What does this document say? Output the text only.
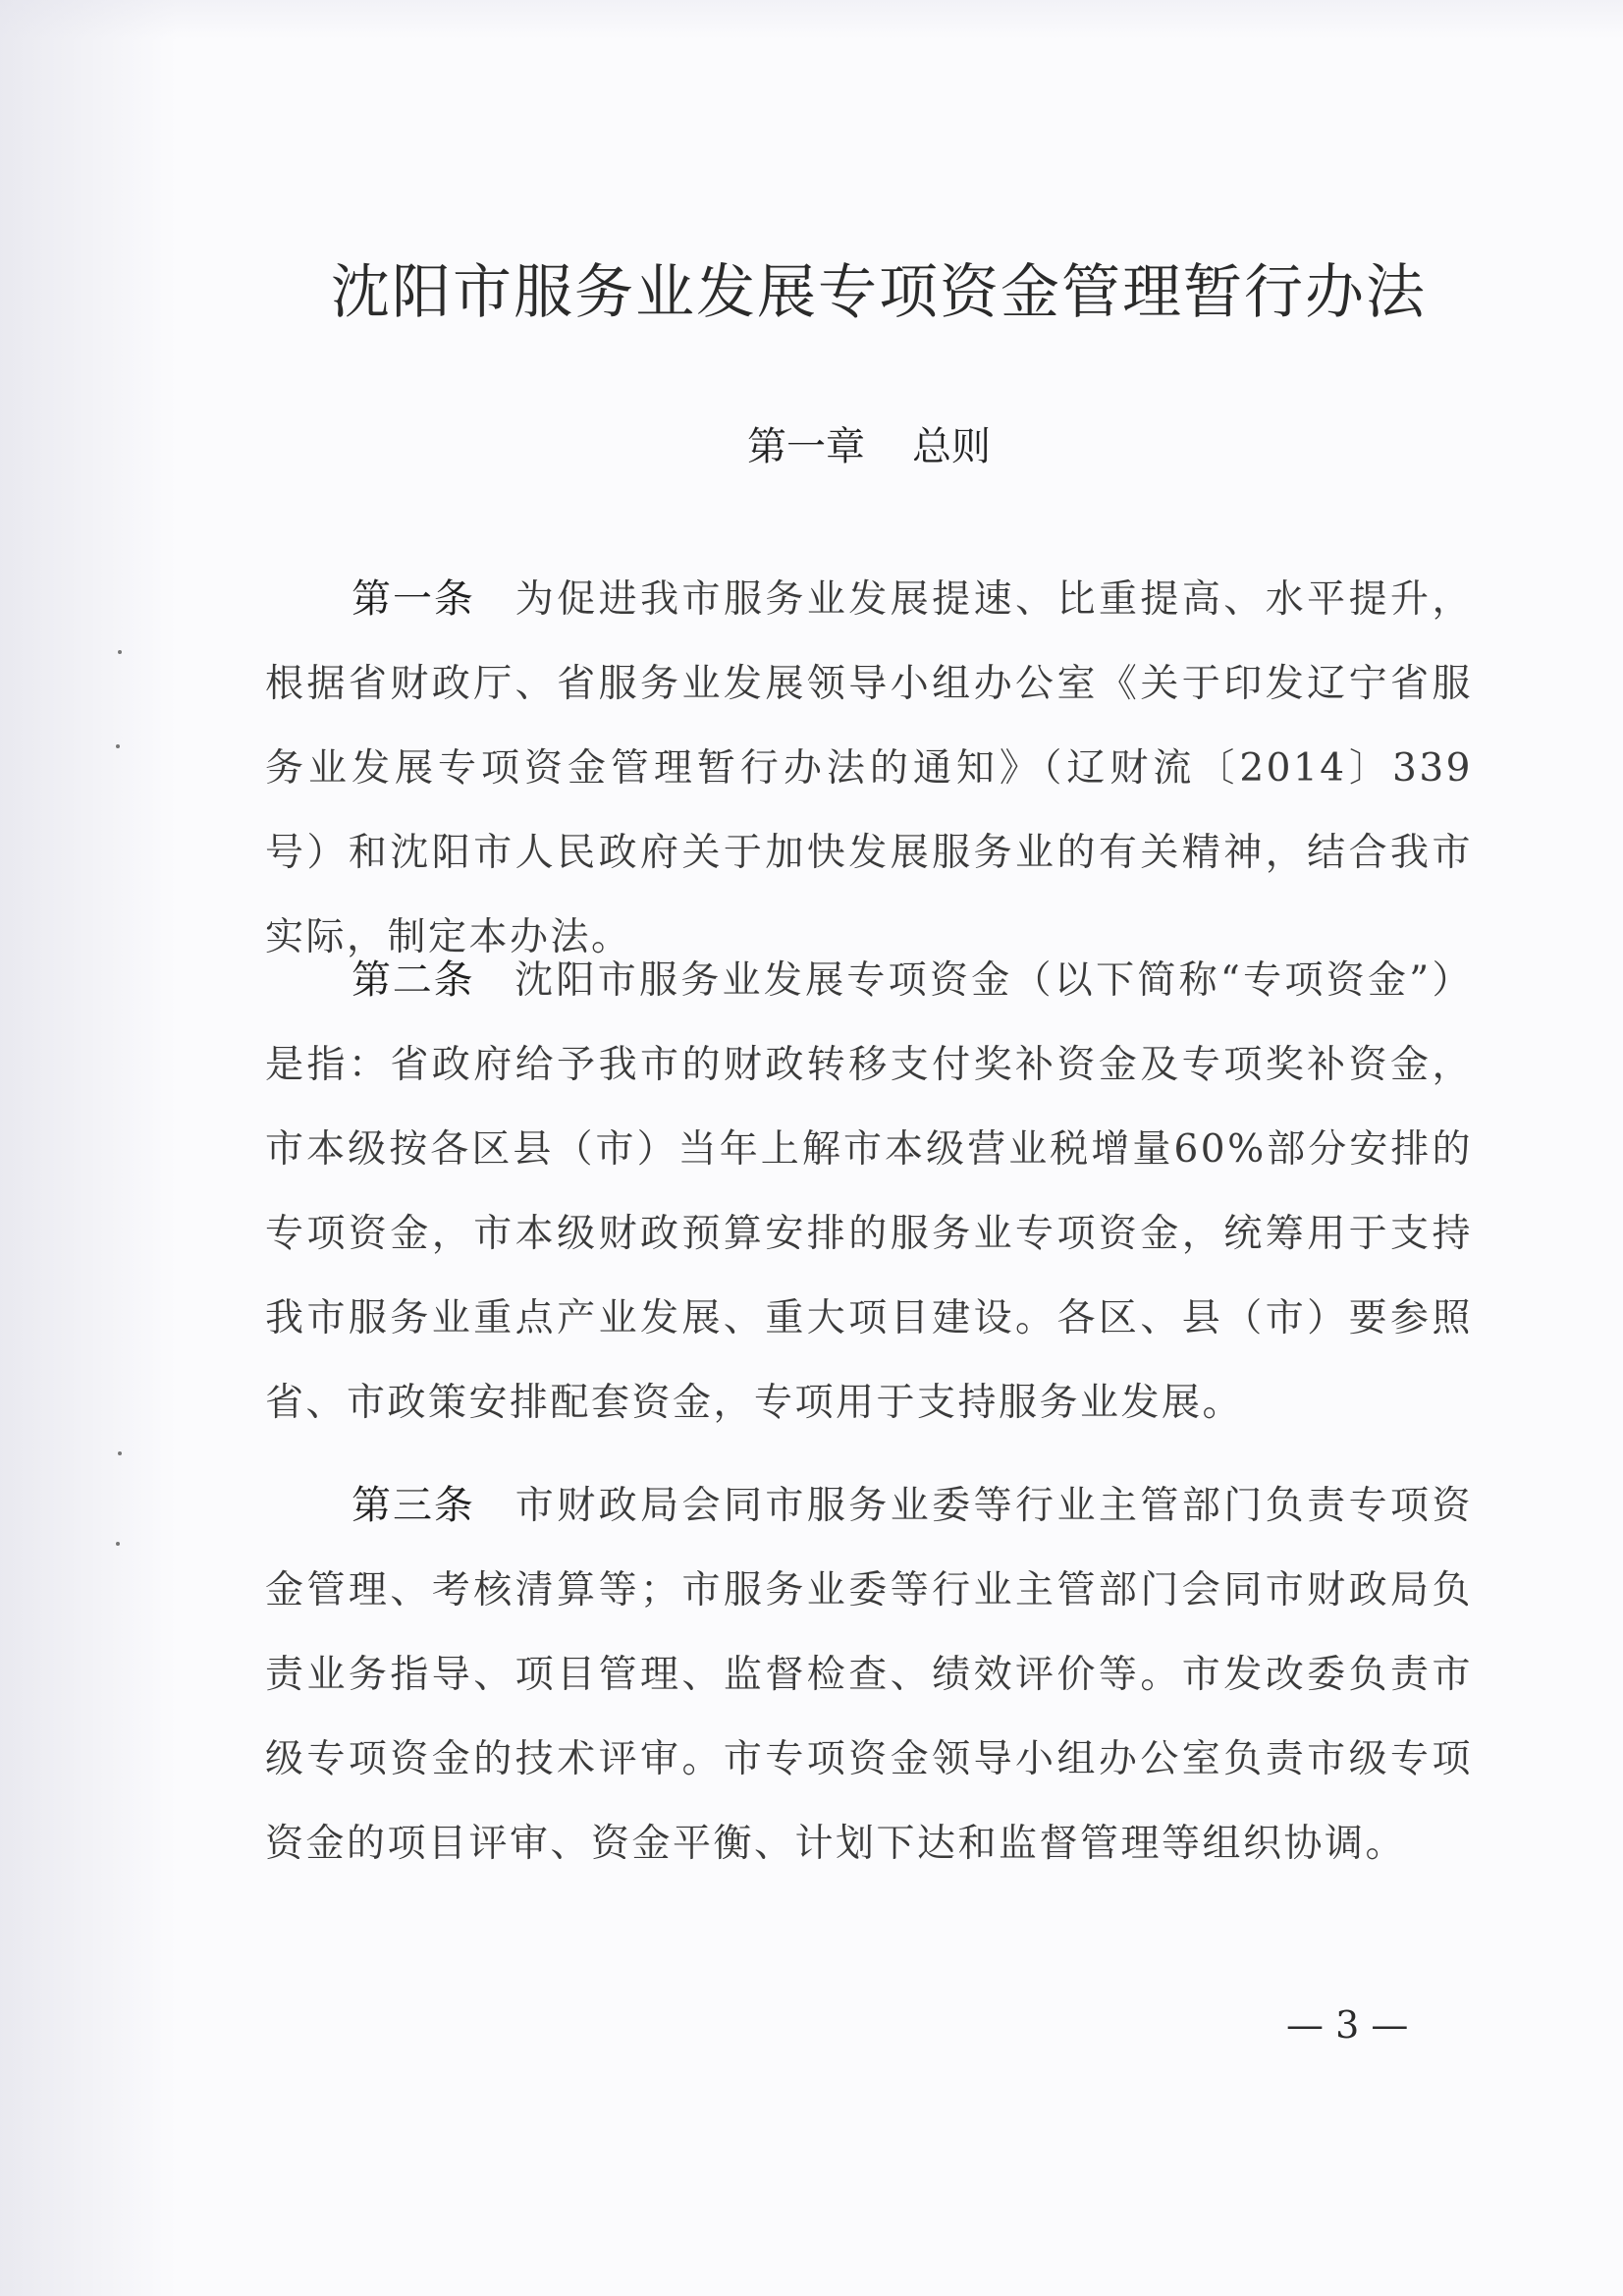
沈阳市服务业发展专项资金管理暂行办法
第一章 总则

第一条 为促进我市服务业发展提速、比重提高、水平提升，根据省财政厅、省服务业发展领导小组办公室《关于印发辽宁省服务业发展专项资金管理暂行办法的通知》（辽财流〔2014〕339号）和沈阳市人民政府关于加快发展服务业的有关精神，结合我市实际，制定本办法。

第二条 沈阳市服务业发展专项资金（以下简称“专项资金”）是指：省政府给予我市的财政转移支付奖补资金及专项奖补资金，市本级按各区县（市）当年上解市本级营业税增量60%部分安排的专项资金，市本级财政预算安排的服务业专项资金，统筹用于支持我市服务业重点产业发展、重大项目建设。各区、县（市）要参照省、市政策安排配套资金，专项用于支持服务业发展。

第三条 市财政局会同市服务业委等行业主管部门负责专项资金管理、考核清算等；市服务业委等行业主管部门会同市财政局负责业务指导、项目管理、监督检查、绩效评价等。市发改委负责市级专项资金的技术评审。市专项资金领导小组办公室负责市级专项资金的项目评审、资金平衡、计划下达和监督管理等组织协调。

— 3 —
